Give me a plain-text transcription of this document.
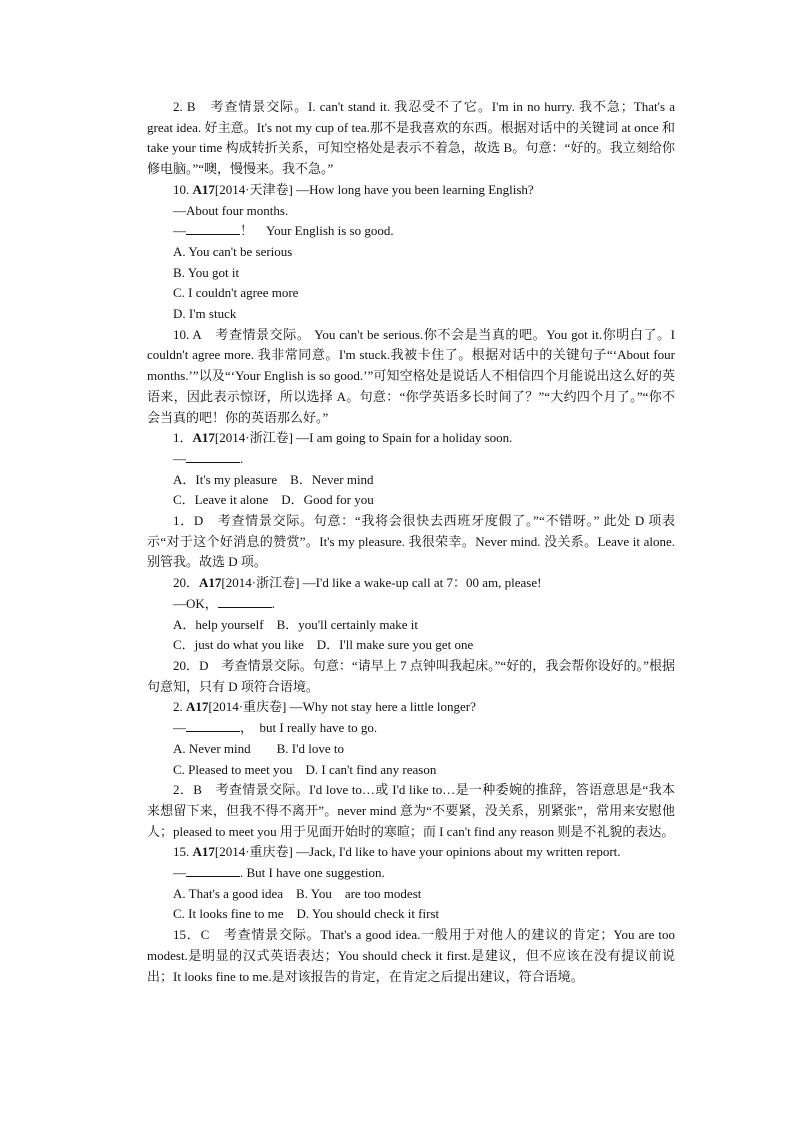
2. B　考查情景交际。I. can't stand it. 我忍受不了它。I'm in no hurry. 我不急；That's a great idea. 好主意。It's not my cup of tea.那不是我喜欢的东西。根据对话中的关键词 at once 和 take your time 构成转折关系，可知空格处是表示不着急，故选 B。句意：“好的。我立刻给你修电脑。”“噢，慢慢来。我不急。”

10. A17[2014·天津卷] —How long have you been learning English?

—About four months.

—	！　Your English is so good.

A. You can't be serious

B. You got it

C. I couldn't agree more

D. I'm stuck

10. A　考查情景交际。 You can't be serious.你不会是当真的吧。You got it.你明白了。I couldn't agree more. 我非常同意。I'm stuck.我被卡住了。根据对话中的关键句子“‘About four months.’”以及“‘Your English is so good.’”可知空格处是说话人不相信四个月能说出这么好的英语来，因此表示惊讶，所以选择 A。句意：“你学英语多长时间了？”“大约四个月了。”“你不会当真的吧！你的英语那么好。”

1．A17[2014·浙江卷] —I am going to Spain for a holiday soon.

—	.

A．It's my pleasure　B．Never mind

C．Leave it alone　D．Good for you

1．D　考查情景交际。句意：“我将会很快去西班牙度假了。”“不错呀。” 此处 D 项表示“对于这个好消息的赞赏”。It's my pleasure. 我很荣幸。Never mind. 没关系。Leave it alone. 别管我。故选 D 项。

20．A17[2014·浙江卷] —I'd like a wake-up call at 7：00 am, please!

—OK，	.

A．help yourself　B．you'll certainly make it

C．just do what you like　D．I'll make sure you get one

20．D　考查情景交际。句意：“请早上 7 点钟叫我起床。”“好的，我会帮你设好的。”根据句意知，只有 D 项符合语境。

2. A17[2014·重庆卷] —Why not stay here a little longer?

—	，　but I really have to go.

A. Never mind　　B. I'd love to

C. Pleased to meet you　D. I can't find any reason

2．B　考查情景交际。I'd love to…或 I'd like to…是一种委婉的推辞，答语意思是“我本来想留下来，但我不得不离开”。never mind 意为“不要紧，没关系，别紧张”，常用来安慰他人；pleased to meet you 用于见面开始时的寒暄；而 I can't find any reason 则是不礼貌的表达。

15. A17[2014·重庆卷] —Jack, I'd like to have your opinions about my written report.

—	. But I have one suggestion.

A. That's a good idea　B. You　are too modest

C. It looks fine to me　D. You should check it first

15．C　考查情景交际。That's a good idea.一般用于对他人的建议的肯定；You are too modest.是明显的汉式英语表达；You should check it first.是建议，但不应该在没有提议前说出；It looks fine to me.是对该报告的肯定，在肯定之后提出建议，符合语境。
